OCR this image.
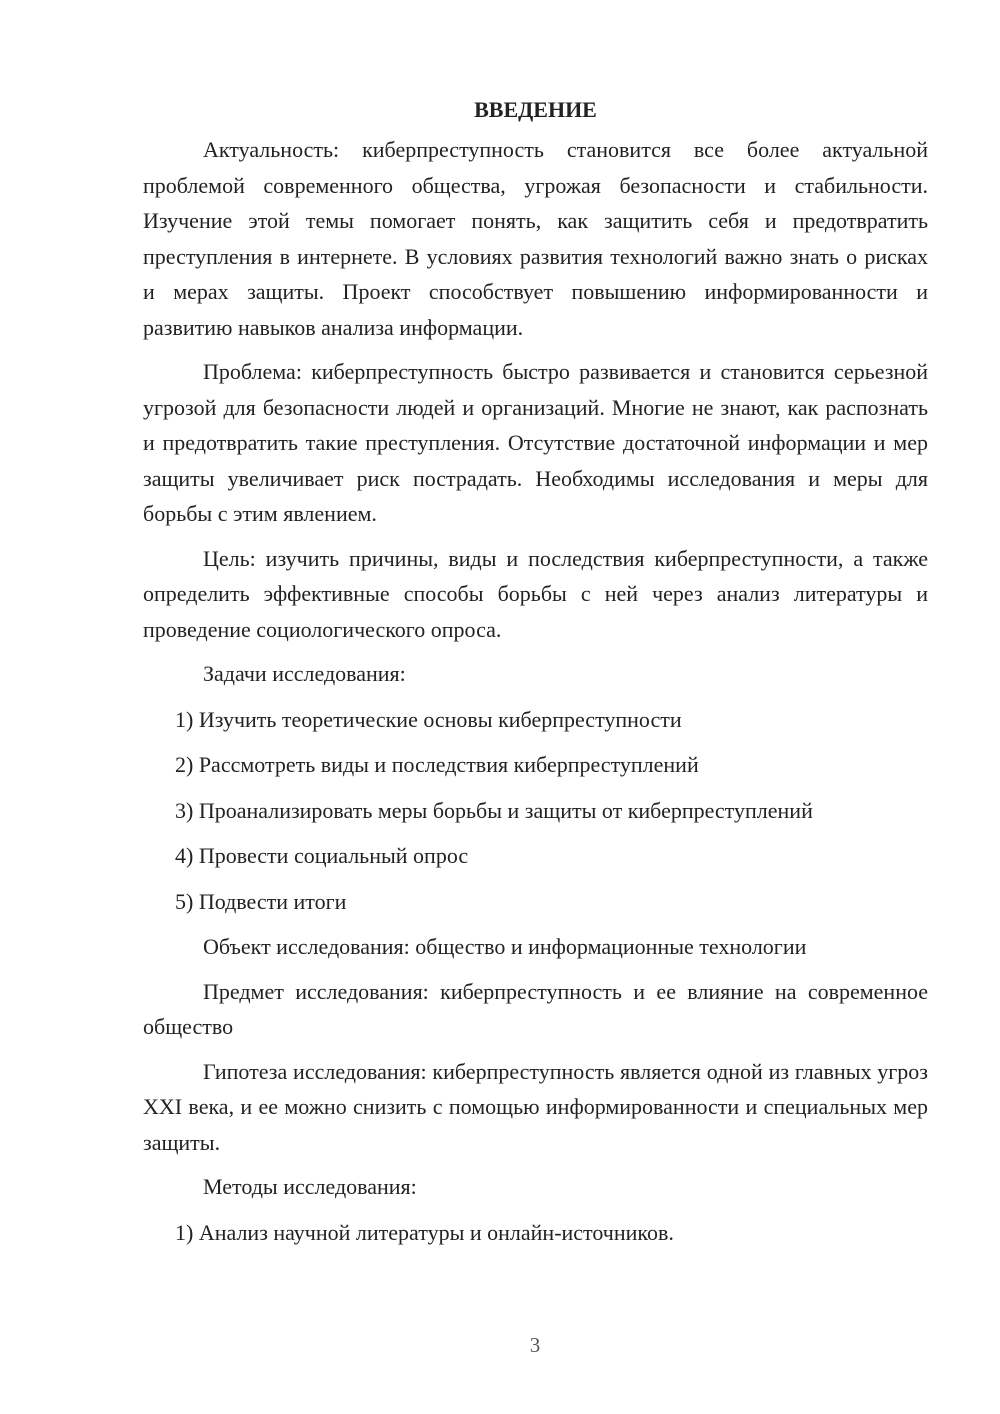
ВВЕДЕНИЕ

Актуальность: киберпреступность становится все более актуальной проблемой современного общества, угрожая безопасности и стабильности. Изучение этой темы помогает понять, как защитить себя и предотвратить преступления в интернете. В условиях развития технологий важно знать о рисках и мерах защиты. Проект способствует повышению информированности и развитию навыков анализа информации.

Проблема: киберпреступность быстро развивается и становится серьезной угрозой для безопасности людей и организаций. Многие не знают, как распознать и предотвратить такие преступления. Отсутствие достаточной информации и мер защиты увеличивает риск пострадать. Необходимы исследования и меры для борьбы с этим явлением.

Цель: изучить причины, виды и последствия киберпреступности, а также определить эффективные способы борьбы с ней через анализ литературы и проведение социологического опроса.

Задачи исследования:
1) Изучить теоретические основы киберпреступности
2) Рассмотреть виды и последствия киберпреступлений
3) Проанализировать меры борьбы и защиты от киберпреступлений
4) Провести социальный опрос
5) Подвести итоги

Объект исследования: общество и информационные технологии

Предмет исследования: киберпреступность и ее влияние на современное общество

Гипотеза исследования: киберпреступность является одной из главных угроз XXI века, и ее можно снизить с помощью информированности и специальных мер защиты.

Методы исследования:
1) Анализ научной литературы и онлайн-источников.
3
